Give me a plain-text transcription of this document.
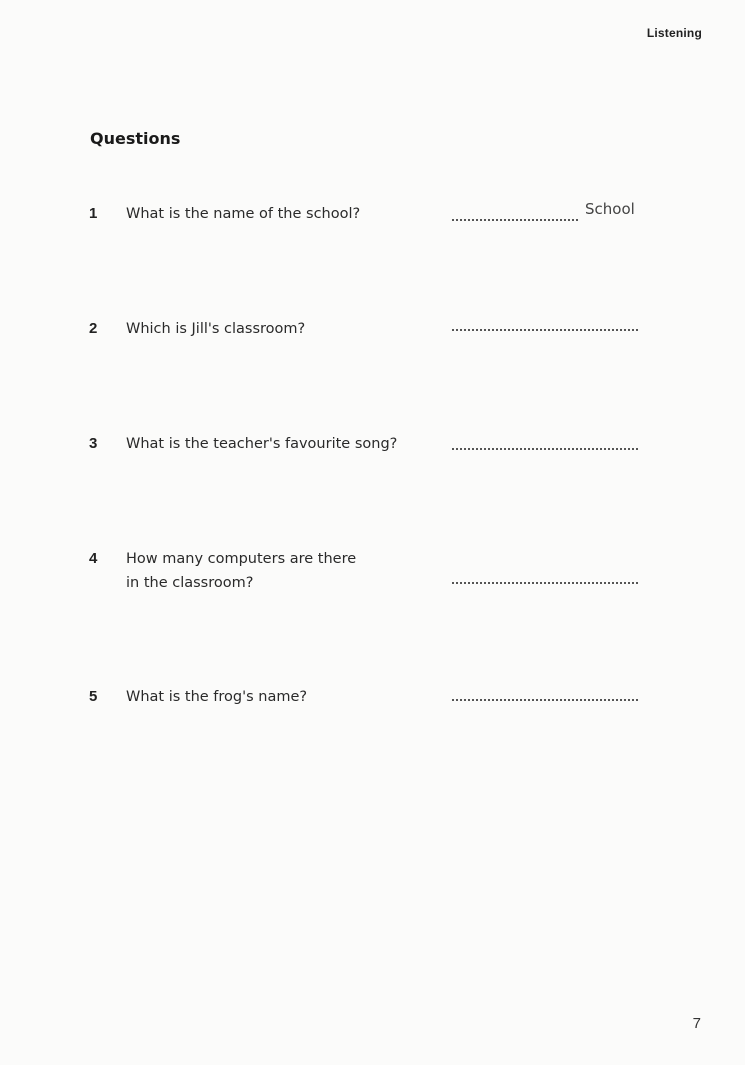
Listening
Questions
1	What is the name of the school?	School
2	Which is Jill's classroom?
3	What is the teacher's favourite song?
4	How many computers are there in the classroom?
5	What is the frog's name?
7
